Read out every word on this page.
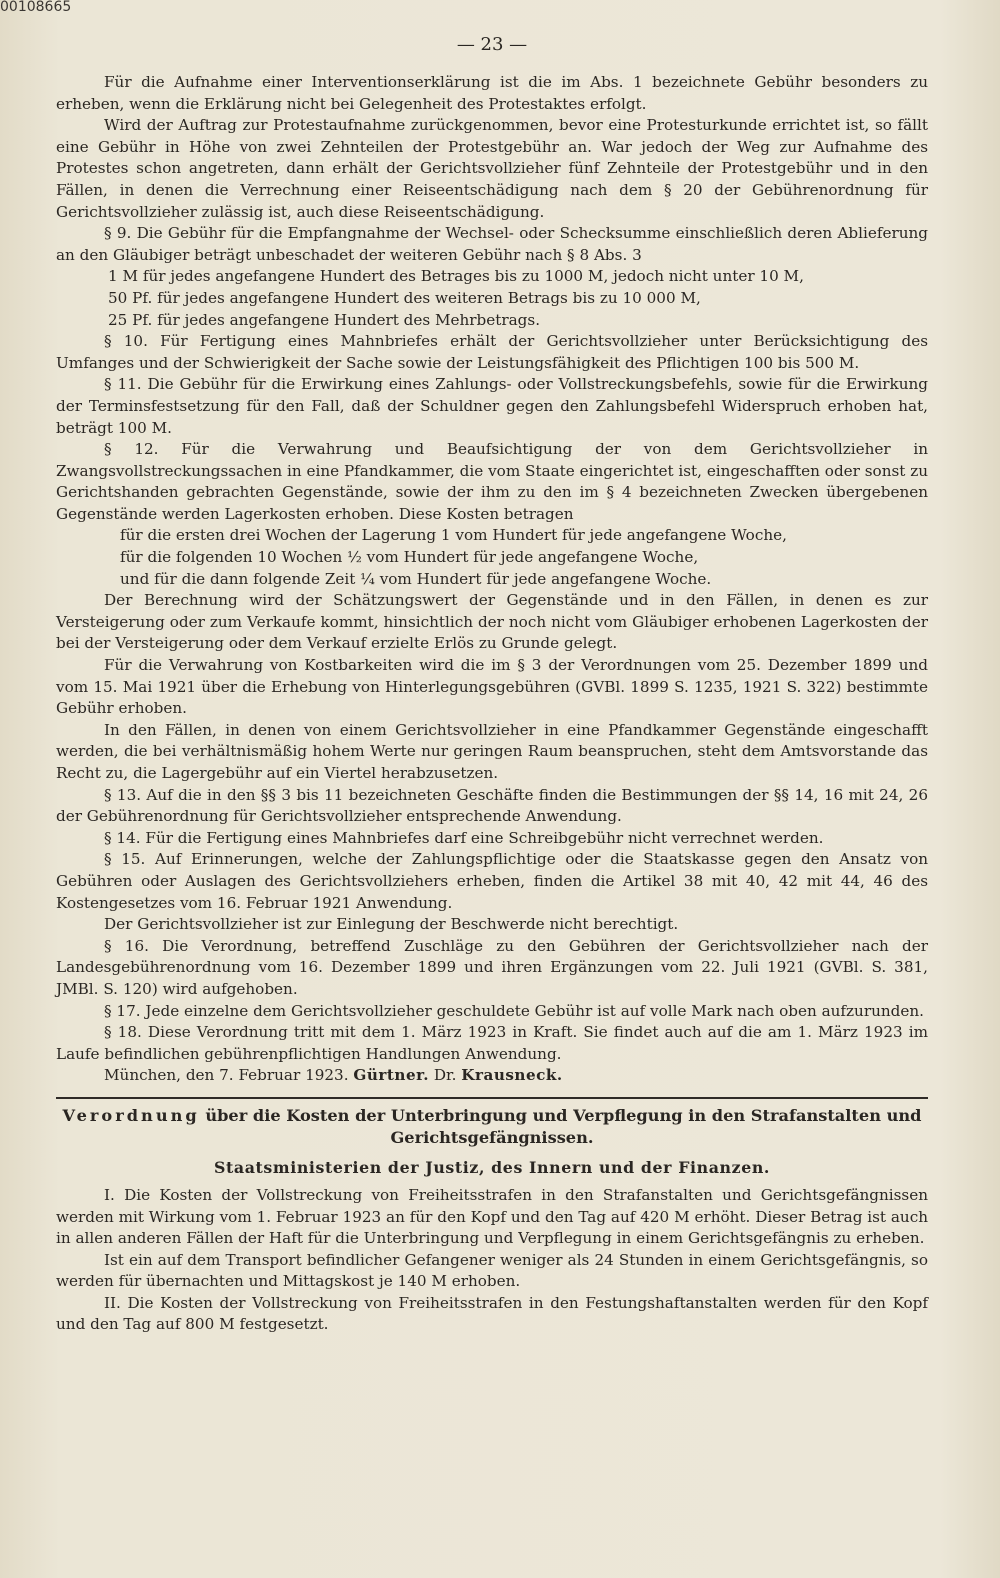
00108665
— 23 —

Für die Aufnahme einer Interventionserklärung ist die im Abs. 1 bezeichnete Gebühr besonders zu erheben, wenn die Erklärung nicht bei Gelegenheit des Protestaktes erfolgt.

Wird der Auftrag zur Protestaufnahme zurückgenommen, bevor eine Protesturkunde errichtet ist, so fällt eine Gebühr in Höhe von zwei Zehnteilen der Protestgebühr an. War jedoch der Weg zur Aufnahme des Protestes schon angetreten, dann erhält der Gerichtsvollzieher fünf Zehnteile der Protestgebühr und in den Fällen, in denen die Verrechnung einer Reiseentschädigung nach dem § 20 der Gebührenordnung für Gerichtsvollzieher zulässig ist, auch diese Reiseentschädigung.

§ 9. Die Gebühr für die Empfangnahme der Wechsel- oder Schecksumme einschließlich deren Ablieferung an den Gläubiger beträgt unbeschadet der weiteren Gebühr nach § 8 Abs. 3

1 M für jedes angefangene Hundert des Betrages bis zu 1000 M, jedoch nicht unter 10 M,

50 Pf. für jedes angefangene Hundert des weiteren Betrags bis zu 10 000 M,

25 Pf. für jedes angefangene Hundert des Mehrbetrags.

§ 10. Für Fertigung eines Mahnbriefes erhält der Gerichtsvollzieher unter Berücksichtigung des Umfanges und der Schwierigkeit der Sache sowie der Leistungsfähigkeit des Pflichtigen 100 bis 500 M.

§ 11. Die Gebühr für die Erwirkung eines Zahlungs- oder Vollstreckungsbefehls, sowie für die Erwirkung der Terminsfestsetzung für den Fall, daß der Schuldner gegen den Zahlungsbefehl Widerspruch erhoben hat, beträgt 100 M.

§ 12. Für die Verwahrung und Beaufsichtigung der von dem Gerichtsvollzieher in Zwangsvollstreckungssachen in eine Pfandkammer, die vom Staate eingerichtet ist, eingeschafften oder sonst zu Gerichtshanden gebrachten Gegenstände, sowie der ihm zu den im § 4 bezeichneten Zwecken übergebenen Gegenstände werden Lagerkosten erhoben. Diese Kosten betragen

für die ersten drei Wochen der Lagerung 1 vom Hundert für jede angefangene Woche,

für die folgenden 10 Wochen ½ vom Hundert für jede angefangene Woche,

und für die dann folgende Zeit ¼ vom Hundert für jede angefangene Woche.

Der Berechnung wird der Schätzungswert der Gegenstände und in den Fällen, in denen es zur Versteigerung oder zum Verkaufe kommt, hinsichtlich der noch nicht vom Gläubiger erhobenen Lagerkosten der bei der Versteigerung oder dem Verkauf erzielte Erlös zu Grunde gelegt.

Für die Verwahrung von Kostbarkeiten wird die im § 3 der Verordnungen vom 25. Dezember 1899 und vom 15. Mai 1921 über die Erhebung von Hinterlegungsgebühren (GVBl. 1899 S. 1235, 1921 S. 322) bestimmte Gebühr erhoben.

In den Fällen, in denen von einem Gerichtsvollzieher in eine Pfandkammer Gegenstände eingeschafft werden, die bei verhältnismäßig hohem Werte nur geringen Raum beanspruchen, steht dem Amtsvorstande das Recht zu, die Lagergebühr auf ein Viertel herabzusetzen.

§ 13. Auf die in den §§ 3 bis 11 bezeichneten Geschäfte finden die Bestimmungen der §§ 14, 16 mit 24, 26 der Gebührenordnung für Gerichtsvollzieher entsprechende Anwendung.

§ 14. Für die Fertigung eines Mahnbriefes darf eine Schreibgebühr nicht verrechnet werden.

§ 15. Auf Erinnerungen, welche der Zahlungspflichtige oder die Staatskasse gegen den Ansatz von Gebühren oder Auslagen des Gerichtsvollziehers erheben, finden die Artikel 38 mit 40, 42 mit 44, 46 des Kostengesetzes vom 16. Februar 1921 Anwendung.

Der Gerichtsvollzieher ist zur Einlegung der Beschwerde nicht berechtigt.

§ 16. Die Verordnung, betreffend Zuschläge zu den Gebühren der Gerichtsvollzieher nach der Landesgebührenordnung vom 16. Dezember 1899 und ihren Ergänzungen vom 22. Juli 1921 (GVBl. S. 381, JMBl. S. 120) wird aufgehoben.

§ 17. Jede einzelne dem Gerichtsvollzieher geschuldete Gebühr ist auf volle Mark nach oben aufzurunden.

§ 18. Diese Verordnung tritt mit dem 1. März 1923 in Kraft. Sie findet auch auf die am 1. März 1923 im Laufe befindlichen gebührenpflichtigen Handlungen Anwendung.

München, den 7. Februar 1923. Gürtner. Dr. Krausneck.

Verordnung über die Kosten der Unterbringung und Verpflegung in den Strafanstalten und Gerichtsgefängnissen.
Staatsministerien der Justiz, des Innern und der Finanzen.

I. Die Kosten der Vollstreckung von Freiheitsstrafen in den Strafanstalten und Gerichtsgefängnissen werden mit Wirkung vom 1. Februar 1923 an für den Kopf und den Tag auf 420 M erhöht. Dieser Betrag ist auch in allen anderen Fällen der Haft für die Unterbringung und Verpflegung in einem Gerichtsgefängnis zu erheben.

Ist ein auf dem Transport befindlicher Gefangener weniger als 24 Stunden in einem Gerichtsgefängnis, so werden für übernachten und Mittagskost je 140 M erhoben.

II. Die Kosten der Vollstreckung von Freiheitsstrafen in den Festungshaftanstalten werden für den Kopf und den Tag auf 800 M festgesetzt.
